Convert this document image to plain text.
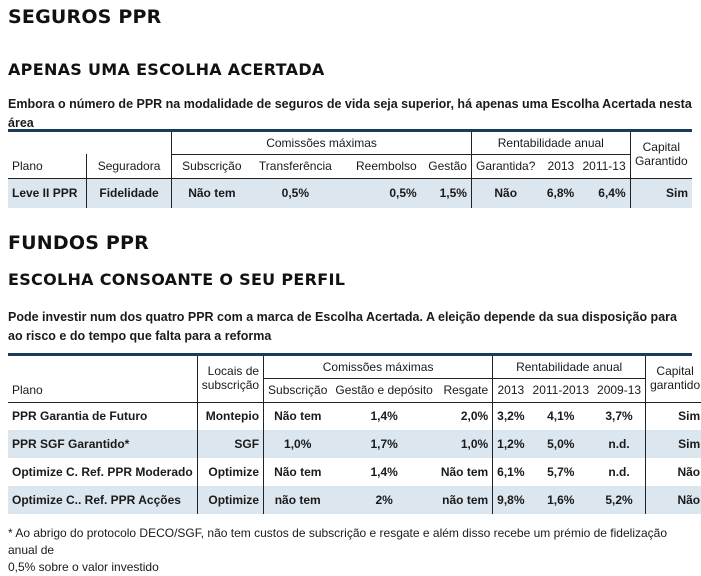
SEGUROS PPR
APENAS UMA ESCOLHA ACERTADA
Embora o número de PPR na modalidade de seguros de vida seja superior, há apenas uma Escolha Acertada nesta área
		Comissões máximas				Rentabilidade anual			Capital
Plano	Seguradora	Subscrição	Transferência	Reembolso	Gestão	Garantida?	2013	2011-13	Garantido
Leve II PPR	Fidelidade	Não tem	0,5%	0,5%	1,5%	Não	6,8%	6,4%	Sim
FUNDOS PPR
ESCOLHA CONSOANTE O SEU PERFIL
Pode investir num dos quatro PPR com a marca de Escolha Acertada. A eleição depende da sua disposição para
ao risco e do tempo que falta para a reforma
	Locais de	Comissões máximas			Rentabilidade anual			Capital
Plano	subscrição	Subscrição	Gestão e depósito	Resgate	2013	2011-2013	2009-13	garantido
PPR Garantia de Futuro	Montepio	Não tem	1,4%	2,0%	3,2%	4,1%	3,7%	Sim
PPR SGF Garantido*	SGF	1,0%	1,7%	1,0%	1,2%	5,0%	n.d.	Sim
Optimize C. Ref. PPR Moderado	Optimize	Não tem	1,4%	Não tem	6,1%	5,7%	n.d.	Não
Optimize C.. Ref. PPR Acções	Optimize	não tem	2%	não tem	9,8%	1,6%	5,2%	Não
* Ao abrigo do protocolo DECO/SGF, não tem custos de subscrição e resgate e além disso recebe um prémio de fidelização anual de
0,5% sobre o valor investido
